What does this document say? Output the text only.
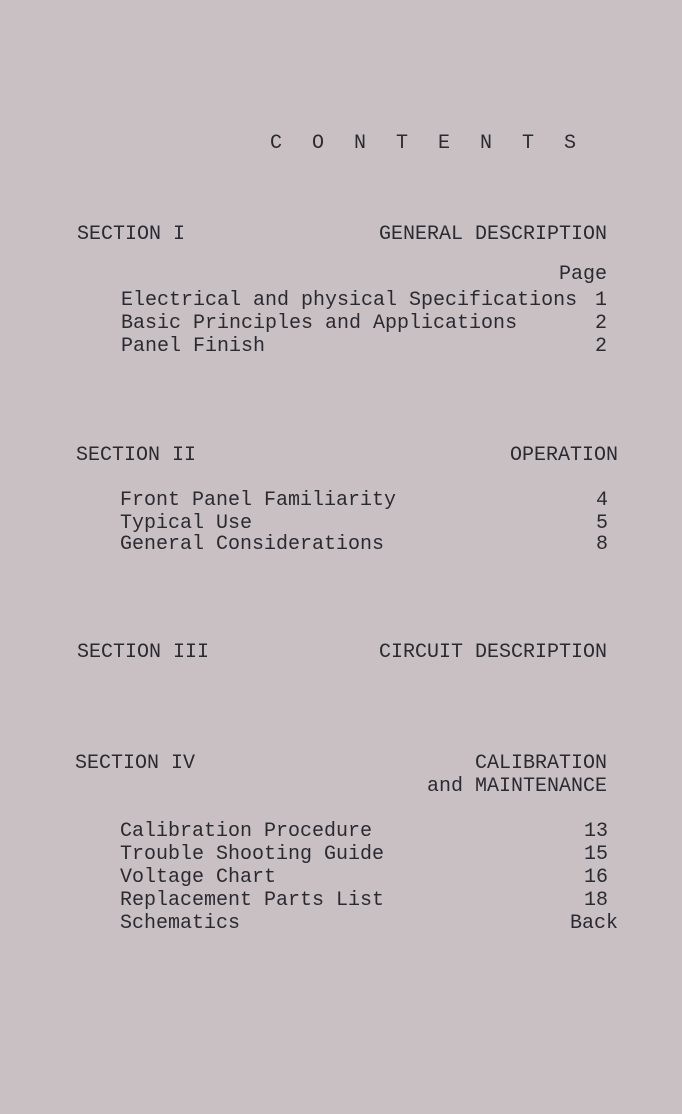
C O N T E N T S
SECTION I	GENERAL DESCRIPTION
Page
Electrical and physical Specifications 1
Basic Principles and Applications	2
Panel Finish	2
SECTION II	OPERATION
Front Panel Familiarity	4
Typical Use	5
General Considerations	8
SECTION III	CIRCUIT DESCRIPTION
SECTION IV	CALIBRATION
and MAINTENANCE
Calibration Procedure	13
Trouble Shooting Guide	15
Voltage Chart	16
Replacement Parts List	18
Schematics	Back
